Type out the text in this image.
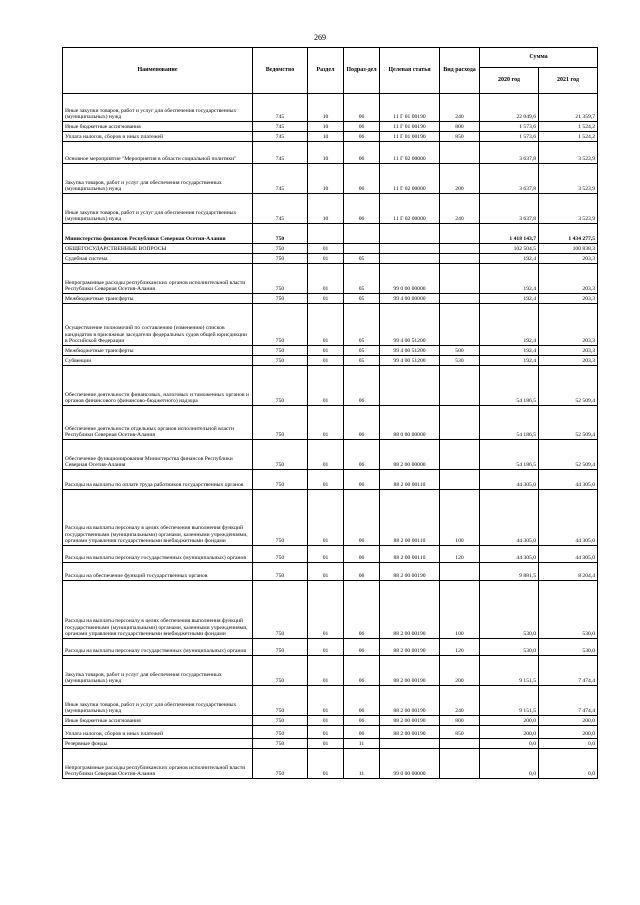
269
Наименование	Ведомство	Раздел	Подраз-дел	Целевая статья	Вид расхода	Сумма	
						2020 год	2021 год
Иные закупки товаров, работ и услуг для обеспечения государственных (муниципальных) нужд	745	10	06	11 Г 01 00190	240	22 049,6	21 359,7
Иные бюджетные ассигнования	745	10	06	11 Г 01 00190	800	1 573,6	1 524,2
Уплата налогов, сборов и иных платежей	745	10	06	11 Г 01 00190	850	1 573,6	1 524,2
Основное мероприятие "Мероприятия в области социальной политики"	745	10	06	11 Г 02 00000		3 637,8	3 523,9
Закупка товаров, работ и услуг для обеспечения государственных (муниципальных) нужд	745	10	06	11 Г 02 00000	200	3 637,8	3 523,9
Иные закупки товаров, работ и услуг для обеспечения государственных (муниципальных) нужд	745	10	06	11 Г 02 00000	240	3 637,8	3 523,9
Министерство финансов Республики Северная Осетия-Алания	750					1 418 143,7	1 434 277,5
ОБЩЕГОСУДАРСТВЕННЫЕ ВОПРОСЫ	750	01				102 504,5	100 838,3
Судебная система	750	01	05			192,4	203,3
Непрограммные расходы республиканских органов исполнительной власти Республики Северная Осетия-Алания	750	01	05	99 0 00 00000		192,4	203,3
Межбюджетные трансферты	750	01	05	99 4 00 00000		192,4	203,3
Осуществление полномочий по составлению (изменению) списков кандидатов в присяжные заседатели федеральных судов общей юрисдикции в Российской Федерации	750	01	05	99 4 00 51200		192,4	203,3
Межбюджетные трансферты	750	01	05	99 4 00 51200	500	192,4	203,3
Субвенции	750	01	05	99 4 00 51200	530	192,4	203,3
Обеспечение деятельности финансовых, налоговых и таможенных органов и органов финансового (финансово-бюджетного) надзора	750	01	06			54 186,5	52 509,4
Обеспечение деятельности отдельных органов исполнительной власти Республики Северная Осетия-Алания	750	01	06	88 0 00 00000		54 186,5	52 509,4
Обеспечение функционирования Министерства финансов Республики Северная Осетия-Алания	750	01	06	88 2 00 00000		54 186,5	52 509,4
Расходы на выплаты по оплате труда работников государственных органов	750	01	06	88 2 00 00110		44 305,0	44 305,0
Расходы на выплаты персоналу в целях обеспечения выполнения функций государственными (муниципальными) органами, казенными учреждениями, органами управления государственными внебюджетными фондами	750	01	06	88 2 00 00110	100	44 305,0	44 305,0
Расходы на выплаты персоналу государственных (муниципальных) органов	750	01	06	88 2 00 00110	120	44 305,0	44 305,0
Расходы на обеспечение функций государственных органов	750	01	06	88 2 00 00190		9 881,5	8 204,4
Расходы на выплаты персоналу в целях обеспечения выполнения функций государственными (муниципальными) органами, казенными учреждениями, органами управления государственными внебюджетными фондами	750	01	06	88 2 00 00190	100	530,0	530,0
Расходы на выплаты персоналу государственных (муниципальных) органов	750	01	06	88 2 00 00190	120	530,0	530,0
Закупка товаров, работ и услуг для обеспечения государственных (муниципальных) нужд	750	01	06	88 2 00 00190	200	9 151,5	7 474,4
Иные закупки товаров, работ и услуг для обеспечения государственных (муниципальных) нужд	750	01	06	88 2 00 00190	240	9 151,5	7 474,4
Иные бюджетные ассигнования	750	01	06	88 2 00 00190	800	200,0	200,0
Уплата налогов, сборов и иных платежей	750	01	06	88 2 00 00190	850	200,0	200,0
Резервные фонды	750	01	11			0,0	0,0
Непрограммные расходы республиканских органов исполнительной власти Республики Северная Осетия-Алания	750	01	11	99 0 00 00000		0,0	0,0
